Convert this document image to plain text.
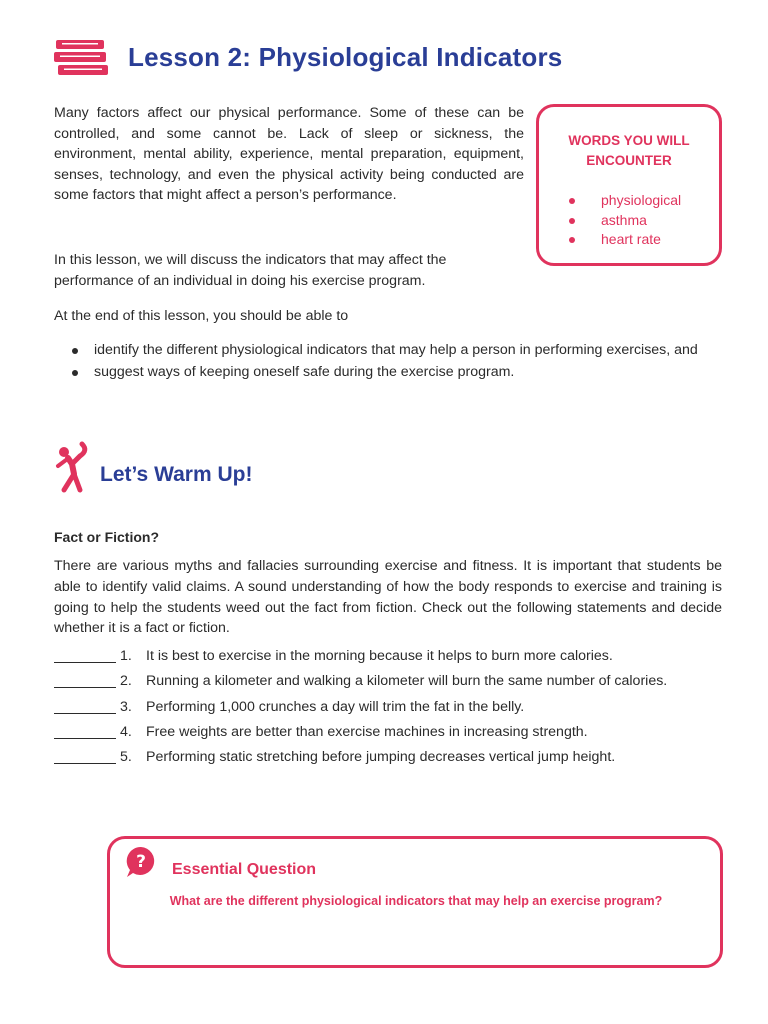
Lesson 2: Physiological Indicators

Many factors affect our physical performance. Some of these can be controlled, and some cannot be. Lack of sleep or sickness, the environment, mental ability, experience, mental preparation, equipment, senses, technology, and even the physical activity being conducted are some factors that might affect a person’s performance.

In this lesson, we will discuss the indicators that may affect the performance of an individual in doing his exercise program.
At the end of this lesson, you should be able to
identify the different physiological indicators that may help a person in performing exercises, and
suggest ways of keeping oneself safe during the exercise program.
WORDS YOU WILL
ENCOUNTER
physiological
asthma
heart rate
Let’s Warm Up!
Fact or Fiction?
There are various myths and fallacies surrounding exercise and fitness. It is important that students be able to identify valid claims. A sound understanding of how the body responds to exercise and training is going to help the students weed out the fact from fiction. Check out the following statements and decide whether it is a fact or fiction.
1. It is best to exercise in the morning because it helps to burn more calories.
2. Running a kilometer and walking a kilometer will burn the same number of calories.
3. Performing 1,000 crunches a day will trim the fat in the belly.
4. Free weights are better than exercise machines in increasing strength.
5. Performing static stretching before jumping decreases vertical jump height.
? Essential Question
What are the different physiological indicators that may help an exercise program?
